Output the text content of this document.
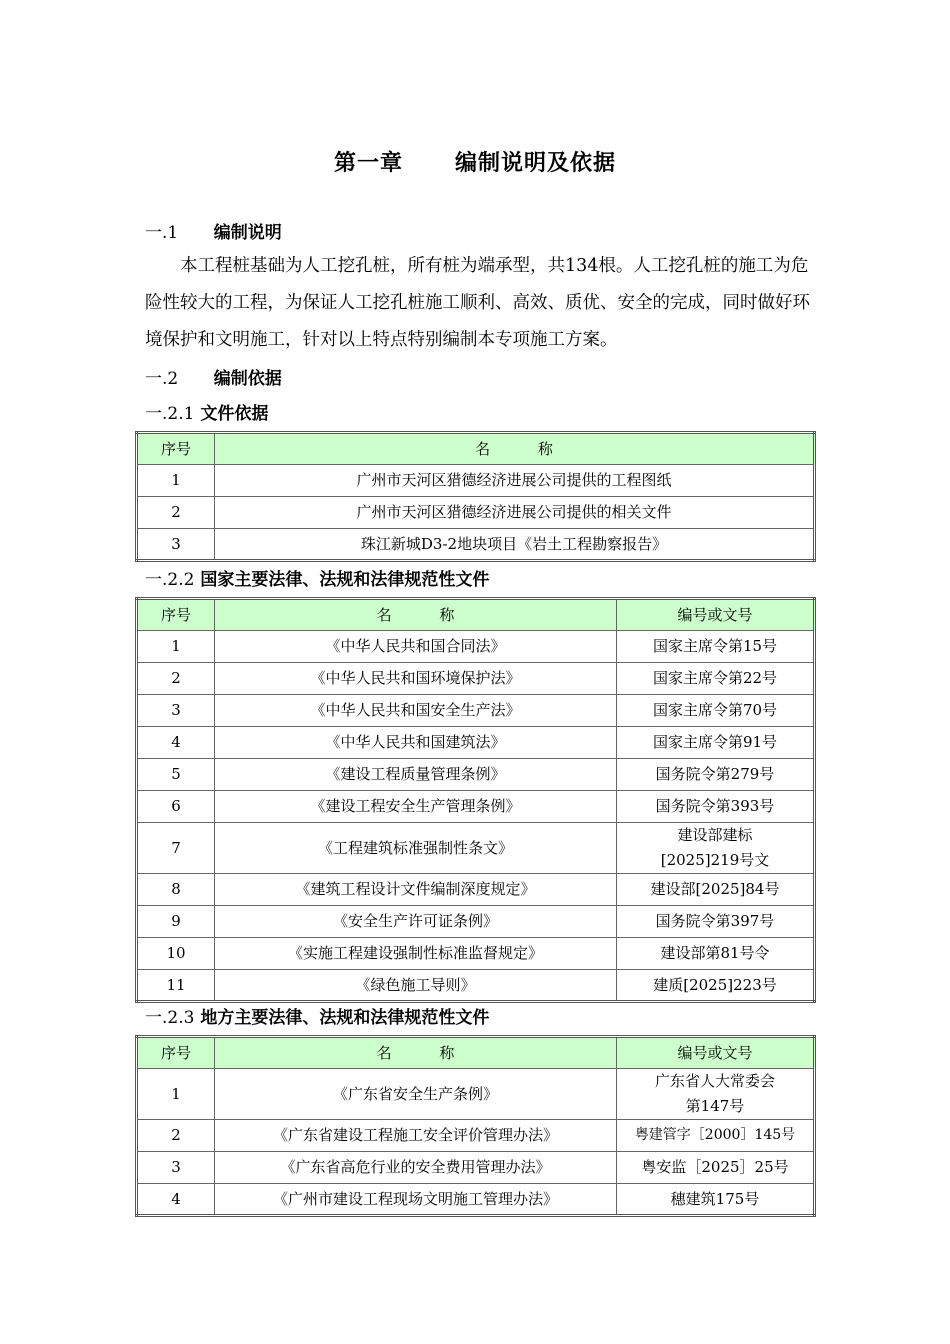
第一章      编制说明及依据
一.1 编制说明
本工程桩基础为人工挖孔桩，所有桩为端承型，共134根。人工挖孔桩的施工为危险性较大的工程，为保证人工挖孔桩施工顺利、高效、质优、安全的完成，同时做好环境保护和文明施工，针对以上特点特别编制本专项施工方案。
一.2 编制依据
一.2.1 文件依据
序号	名          称
1	广州市天河区猎德经济进展公司提供的工程图纸
2	广州市天河区猎德经济进展公司提供的相关文件
3	珠江新城D3-2地块项目《岩土工程勘察报告》
一.2.2 国家主要法律、法规和法律规范性文件
序号	名          称	编号或文号
1	《中华人民共和国合同法》	国家主席令第15号
2	《中华人民共和国环境保护法》	国家主席令第22号
3	《中华人民共和国安全生产法》	国家主席令第70号
4	《中华人民共和国建筑法》	国家主席令第91号
5	《建设工程质量管理条例》	国务院令第279号
6	《建设工程安全生产管理条例》	国务院令第393号
7	《工程建筑标准强制性条文》	建设部建标
[2025]219号文

8	《建筑工程设计文件编制深度规定》	建设部[2025]84号
9	《安全生产许可证条例》	国务院令第397号
10	《实施工程建设强制性标准监督规定》	建设部第81号令
11	《绿色施工导则》	建质[2025]223号
一.2.3 地方主要法律、法规和法律规范性文件
序号	名          称	编号或文号
1	《广东省安全生产条例》	广东省人大常委会
第147号

2	《广东省建设工程施工安全评价管理办法》	粤建管字［2000］145号
3	《广东省高危行业的安全费用管理办法》	粤安监［2025］25号
4	《广州市建设工程现场文明施工管理办法》	穗建筑175号
